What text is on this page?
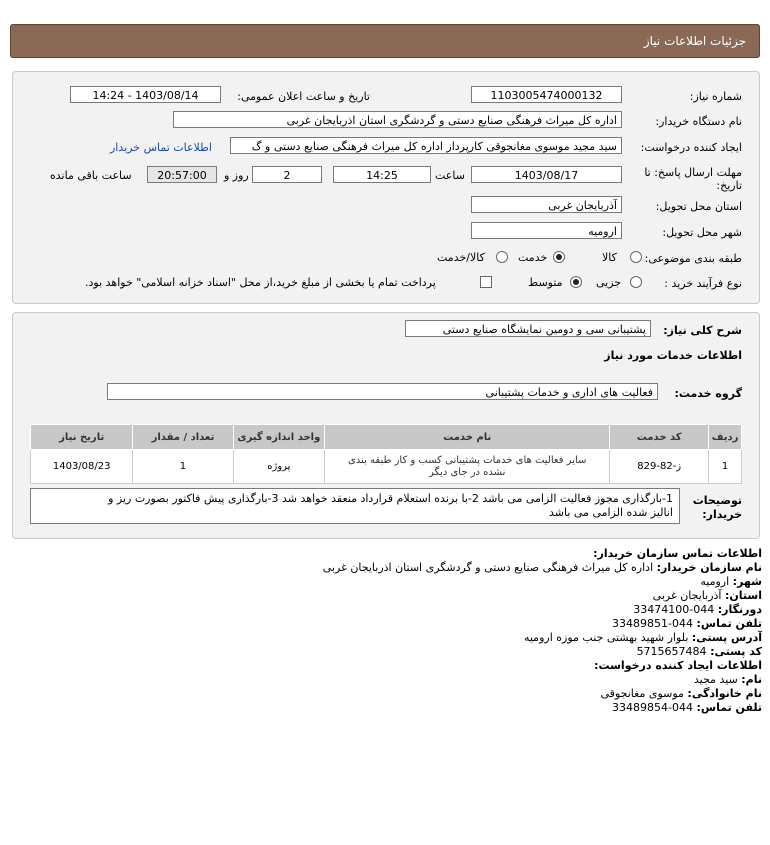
جزئیات اطلاعات نیاز
شماره نیاز:
1103005474000132
تاریخ و ساعت اعلان عمومی:
1403/08/14 - 14:24
نام دستگاه خریدار:
اداره کل میراث فرهنگی صنایع دستی و گردشگری استان اذربایجان غربی
ایجاد کننده درخواست:
سید مجید موسوی مغانجوقی کارپرداز اداره کل میراث فرهنگی صنایع دستی و گ
اطلاعات تماس خریدار
مهلت ارسال پاسخ: تا
تاریخ:
1403/08/17
ساعت
14:25
2
روز و
20:57:00
ساعت باقی مانده
استان محل تحویل:
آذربایجان غربی
شهر محل تحویل:
ارومیه
طبقه بندی موضوعی:
کالا
خدمت
کالا/خدمت
نوع فرآیند خرید :
جزیی
متوسط
پرداخت تمام یا بخشی از مبلغ خرید،از محل "اسناد خزانه اسلامی" خواهد بود.
شرح کلی نیاز:
پشتیبانی سی و دومین نمایشگاه صنایع دستی
اطلاعات خدمات مورد نیاز
گروه خدمت:
فعالیت های اداری و خدمات پشتیبانی
ردیف	کد خدمت	نام خدمت	واحد اندازه گیری	تعداد / مقدار	تاریخ نیاز
1	ز-82-829	سایر فعالیت های خدمات پشتیبانی کسب و کار طبقه بندی
نشده در جای دیگر	پروژه	1	1403/08/23
توضیحات
خریدار:
1-بارگذاری مجوز فعالیت الزامی می باشد 2-با برنده استعلام قرارداد منعقد خواهد شد 3-بارگذاری پیش فاکتور بصورت ریز و
انالیز شده الزامی می باشد
اطلاعات تماس سازمان خریدار:
نام سازمان خریدار: اداره کل میراث فرهنگی صنایع دستی و گردشگری استان اذربایجان غربی
شهر: ارومیه
استان: آذربایجان غربی
دورنگار: 044-33474100
تلفن تماس: 044-33489851
آدرس پستی: بلوار شهید بهشتی جنب موزه ارومیه
کد پستی: 5715657484
اطلاعات ایجاد کننده درخواست:
نام: سید مجید
نام خانوادگی: موسوی مغانجوقی
تلفن تماس: 044-33489854
